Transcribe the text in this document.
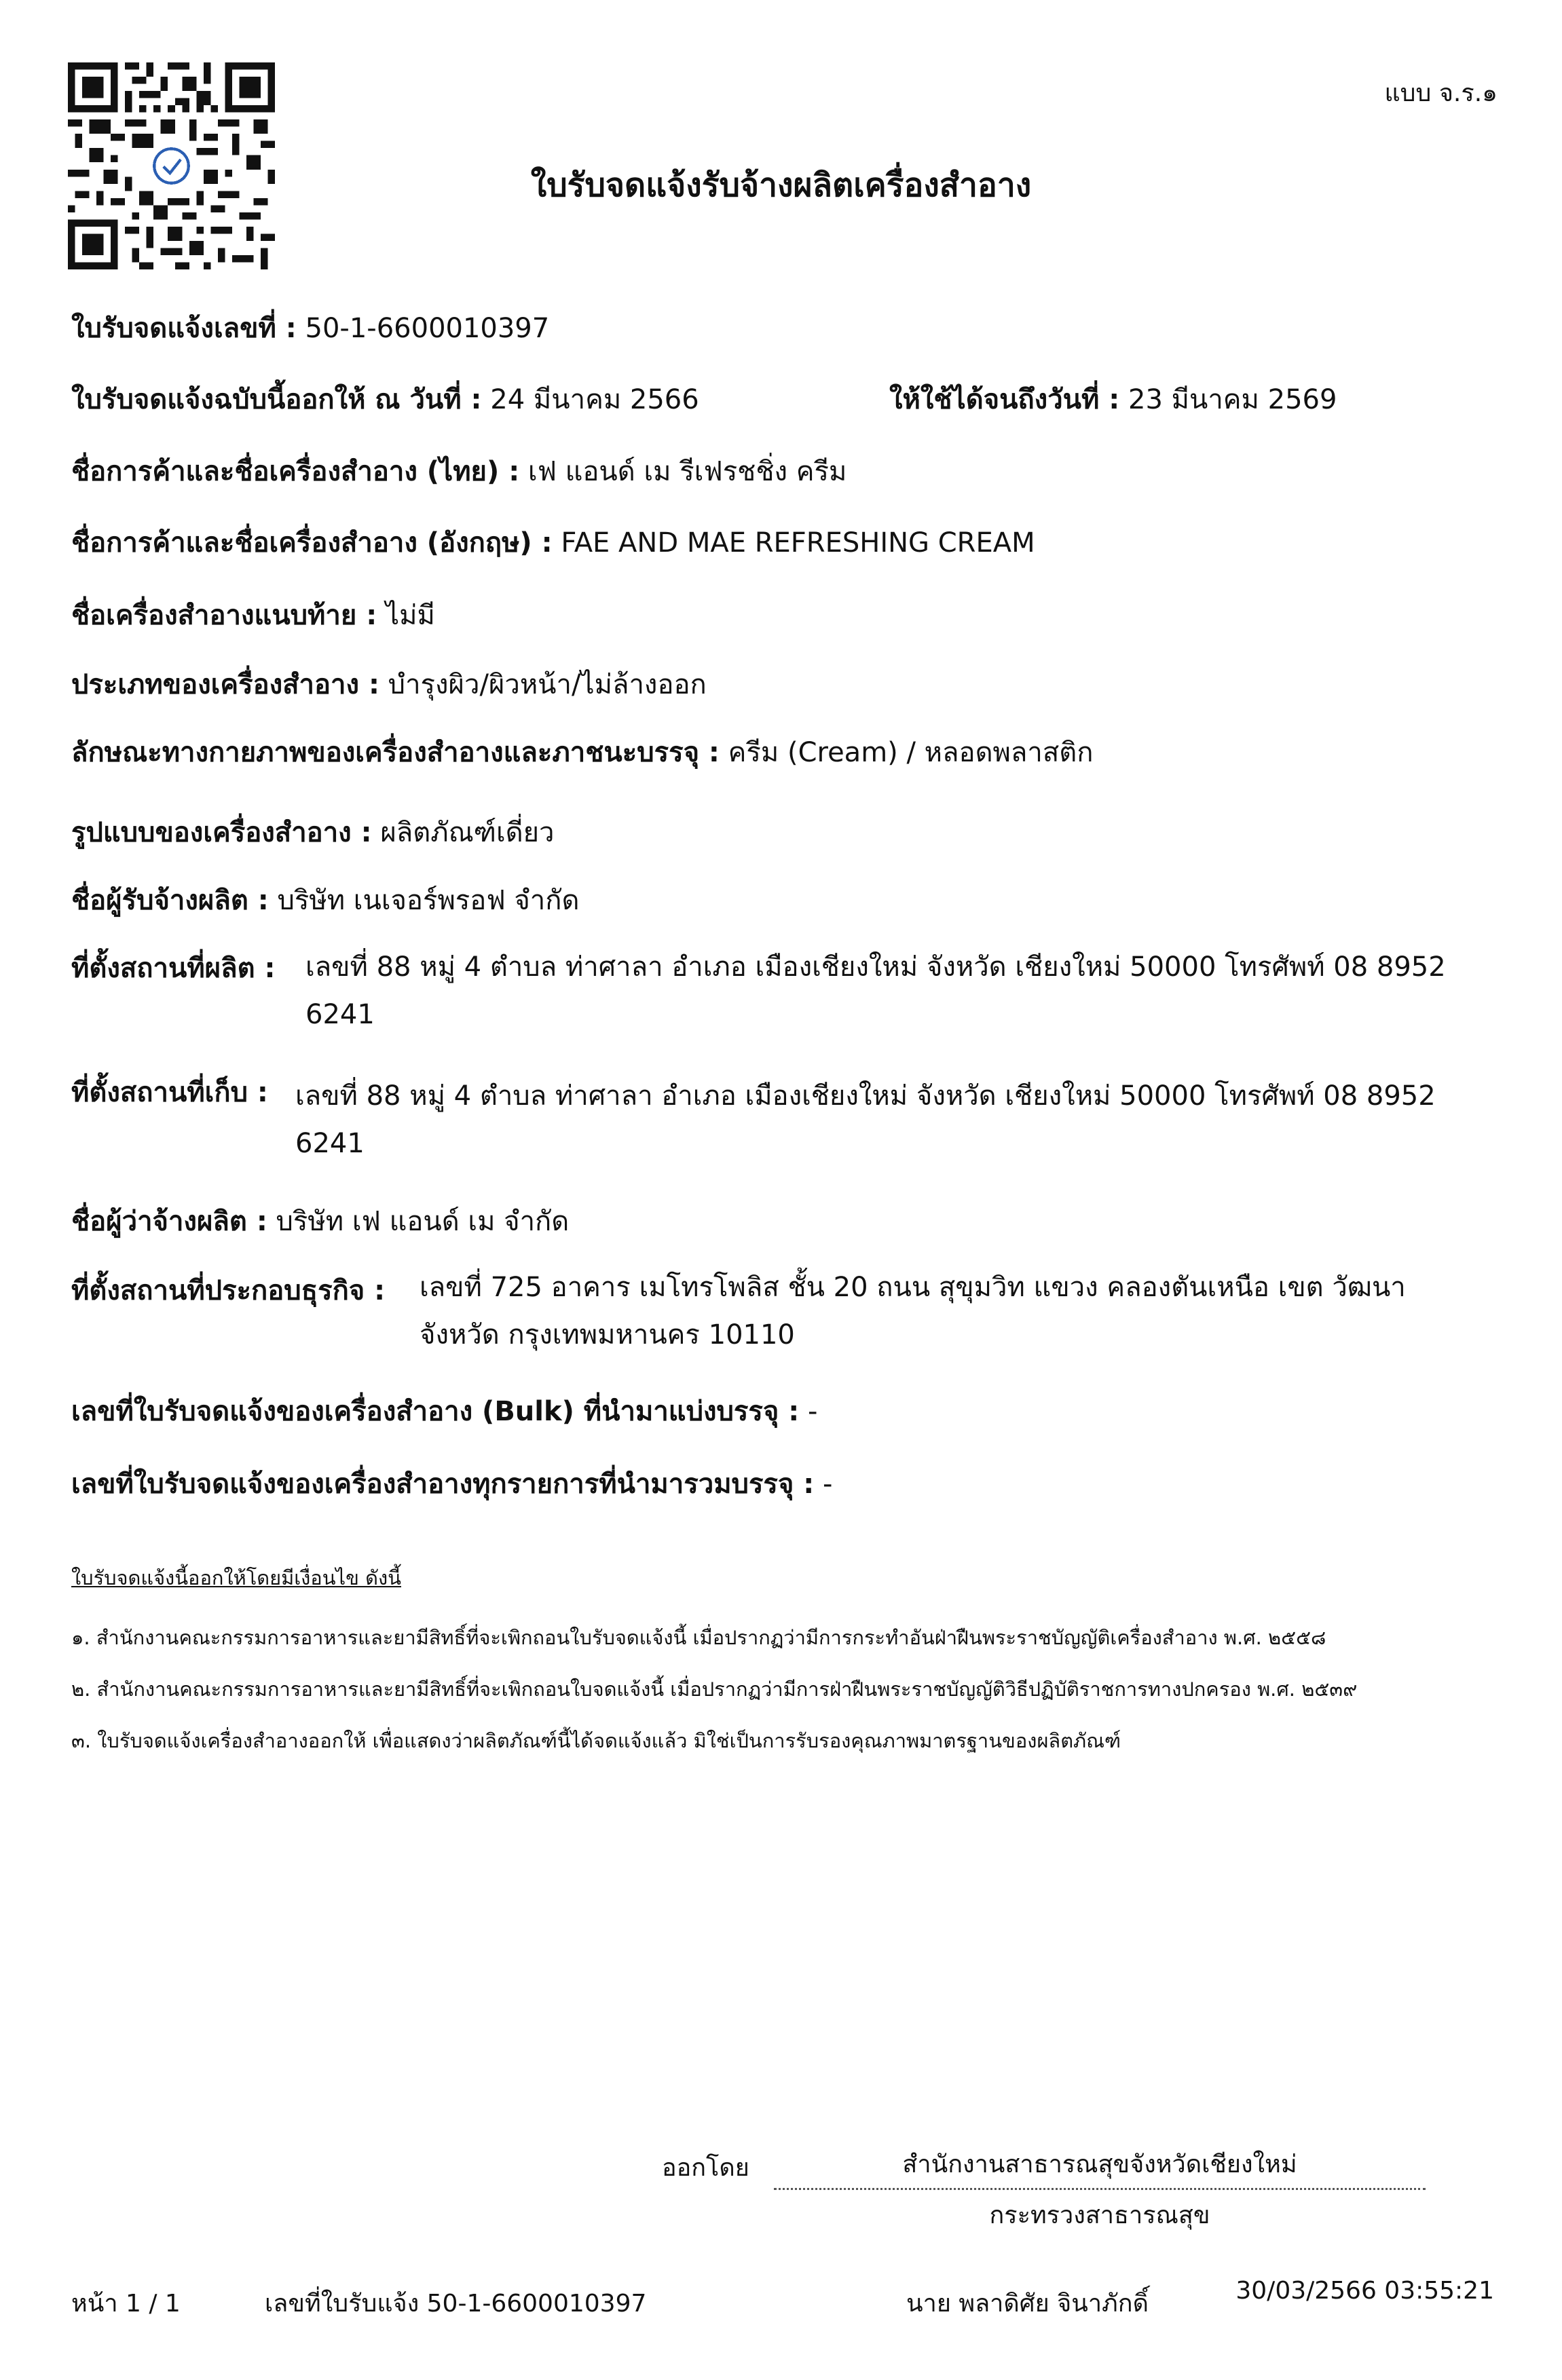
แบบ จ.ร.๑
ใบรับจดแจ้งรับจ้างผลิตเครื่องสำอาง
ใบรับจดแจ้งเลขที่ : 50-1-6600010397
ใบรับจดแจ้งฉบับนี้ออกให้ ณ วันที่ : 24 มีนาคม 2566	ให้ใช้ได้จนถึงวันที่ : 23 มีนาคม 2569
ชื่อการค้าและชื่อเครื่องสำอาง (ไทย) : เฟ แอนด์ เม รีเฟรชชิ่ง ครีม
ชื่อการค้าและชื่อเครื่องสำอาง (อังกฤษ) : FAE AND MAE REFRESHING CREAM
ชื่อเครื่องสำอางแนบท้าย : ไม่มี
ประเภทของเครื่องสำอาง : บำรุงผิว/ผิวหน้า/ไม่ล้างออก
ลักษณะทางกายภาพของเครื่องสำอางและภาชนะบรรจุ : ครีม (Cream) / หลอดพลาสติก
รูปแบบของเครื่องสำอาง : ผลิตภัณฑ์เดี่ยว
ชื่อผู้รับจ้างผลิต : บริษัท เนเจอร์พรอฟ จำกัด
ที่ตั้งสถานที่ผลิต : เลขที่ 88 หมู่ 4 ตำบล ท่าศาลา อำเภอ เมืองเชียงใหม่ จังหวัด เชียงใหม่ 50000 โทรศัพท์ 08 8952 6241
ที่ตั้งสถานที่เก็บ : เลขที่ 88 หมู่ 4 ตำบล ท่าศาลา อำเภอ เมืองเชียงใหม่ จังหวัด เชียงใหม่ 50000 โทรศัพท์ 08 8952 6241
ชื่อผู้ว่าจ้างผลิต : บริษัท เฟ แอนด์ เม จำกัด
ที่ตั้งสถานที่ประกอบธุรกิจ : เลขที่ 725 อาคาร เมโทรโพลิส ชั้น 20 ถนน สุขุมวิท แขวง คลองตันเหนือ เขต วัฒนา จังหวัด กรุงเทพมหานคร 10110
เลขที่ใบรับจดแจ้งของเครื่องสำอาง (Bulk) ที่นำมาแบ่งบรรจุ : -
เลขที่ใบรับจดแจ้งของเครื่องสำอางทุกรายการที่นำมารวมบรรจุ : -
ใบรับจดแจ้งนี้ออกให้โดยมีเงื่อนไข ดังนี้
๑. สำนักงานคณะกรรมการอาหารและยามีสิทธิ์ที่จะเพิกถอนใบรับจดแจ้งนี้ เมื่อปรากฏว่ามีการกระทำอันฝ่าฝืนพระราชบัญญัติเครื่องสำอาง พ.ศ. ๒๕๕๘
๒. สำนักงานคณะกรรมการอาหารและยามีสิทธิ์ที่จะเพิกถอนใบจดแจ้งนี้ เมื่อปรากฏว่ามีการฝ่าฝืนพระราชบัญญัติวิธีปฏิบัติราชการทางปกครอง พ.ศ. ๒๕๓๙
๓. ใบรับจดแจ้งเครื่องสำอางออกให้ เพื่อแสดงว่าผลิตภัณฑ์นี้ได้จดแจ้งแล้ว มิใช่เป็นการรับรองคุณภาพมาตรฐานของผลิตภัณฑ์
ออกโดย	สำนักงานสาธารณสุขจังหวัดเชียงใหม่
กระทรวงสาธารณสุข
หน้า 1 / 1	เลขที่ใบรับแจ้ง 50-1-6600010397	นาย พลาดิศัย จินาภักดิ์	30/03/2566 03:55:21
